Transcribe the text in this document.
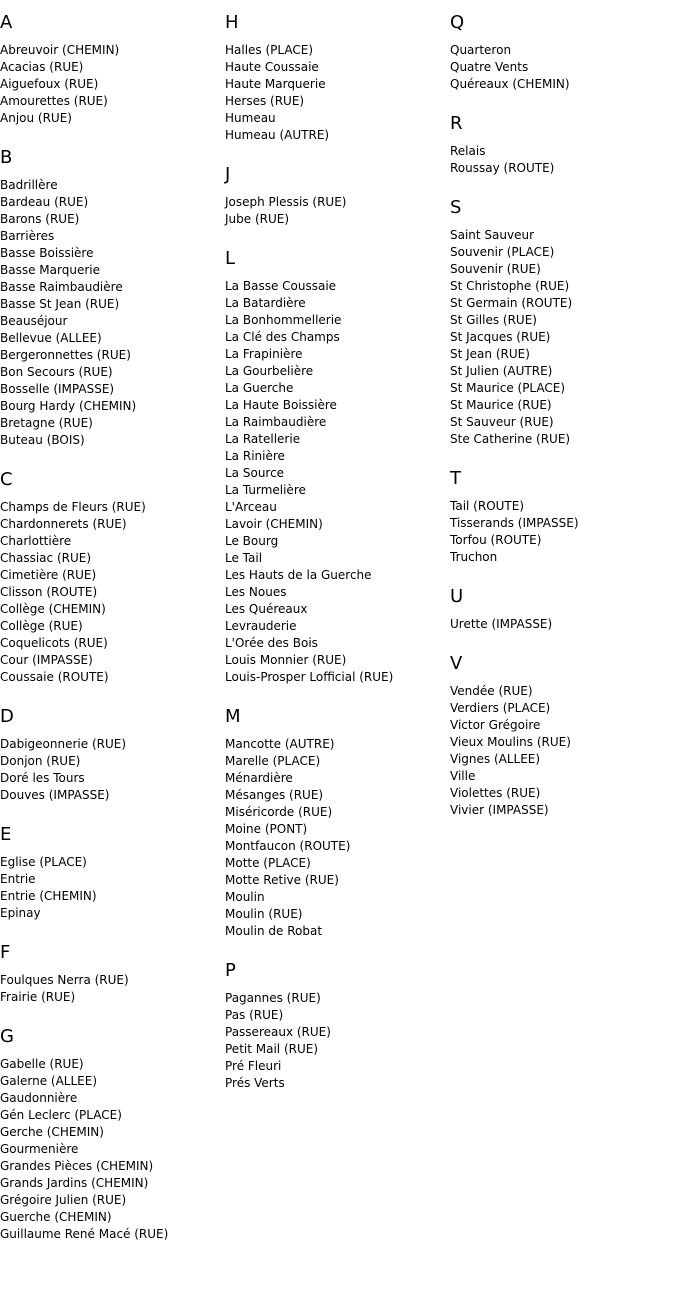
A
Abreuvoir (CHEMIN)
Acacias (RUE)
Aiguefoux (RUE)
Amourettes (RUE)
Anjou (RUE)
B
Badrillère
Bardeau (RUE)
Barons (RUE)
Barrières
Basse Boissière
Basse Marquerie
Basse Raimbaudière
Basse St Jean (RUE)
Beauséjour
Bellevue (ALLEE)
Bergeronnettes (RUE)
Bon Secours (RUE)
Bosselle (IMPASSE)
Bourg Hardy (CHEMIN)
Bretagne (RUE)
Buteau (BOIS)
C
Champs de Fleurs (RUE)
Chardonnerets (RUE)
Charlottière
Chassiac (RUE)
Cimetière (RUE)
Clisson (ROUTE)
Collège (CHEMIN)
Collège (RUE)
Coquelicots (RUE)
Cour (IMPASSE)
Coussaie (ROUTE)
D
Dabigeonnerie (RUE)
Donjon (RUE)
Doré les Tours
Douves (IMPASSE)
E
Eglise (PLACE)
Entrie
Entrie (CHEMIN)
Epinay
F
Foulques Nerra (RUE)
Frairie (RUE)
G
Gabelle (RUE)
Galerne (ALLEE)
Gaudonnière
Gén Leclerc (PLACE)
Gerche (CHEMIN)
Gourmenière
Grandes Pièces (CHEMIN)
Grands Jardins (CHEMIN)
Grégoire Julien (RUE)
Guerche (CHEMIN)
Guillaume René Macé (RUE)
H
Halles (PLACE)
Haute Coussaie
Haute Marquerie
Herses (RUE)
Humeau
Humeau (AUTRE)
J
Joseph Plessis (RUE)
Jube (RUE)
L
La Basse Coussaie
La Batardière
La Bonhommellerie
La Clé des Champs
La Frapinière
La Gourbelière
La Guerche
La Haute Boissière
La Raimbaudière
La Ratellerie
La Rinière
La Source
La Turmelière
L'Arceau
Lavoir (CHEMIN)
Le Bourg
Le Tail
Les Hauts de la Guerche
Les Noues
Les Quéreaux
Levrauderie
L'Orée des Bois
Louis Monnier (RUE)
Louis-Prosper Lofficial (RUE)
M
Mancotte (AUTRE)
Marelle (PLACE)
Ménardière
Mésanges (RUE)
Miséricorde (RUE)
Moine (PONT)
Montfaucon (ROUTE)
Motte (PLACE)
Motte Retive (RUE)
Moulin
Moulin (RUE)
Moulin de Robat
P
Pagannes (RUE)
Pas (RUE)
Passereaux (RUE)
Petit Mail (RUE)
Pré Fleuri
Prés Verts
Q
Quarteron
Quatre Vents
Quéreaux (CHEMIN)
R
Relais
Roussay (ROUTE)
S
Saint Sauveur
Souvenir (PLACE)
Souvenir (RUE)
St Christophe (RUE)
St Germain (ROUTE)
St Gilles (RUE)
St Jacques (RUE)
St Jean (RUE)
St Julien (AUTRE)
St Maurice (PLACE)
St Maurice (RUE)
St Sauveur (RUE)
Ste Catherine (RUE)
T
Tail (ROUTE)
Tisserands (IMPASSE)
Torfou (ROUTE)
Truchon
U
Urette (IMPASSE)
V
Vendée (RUE)
Verdiers (PLACE)
Victor Grégoire
Vieux Moulins (RUE)
Vignes (ALLEE)
Ville
Violettes (RUE)
Vivier (IMPASSE)
